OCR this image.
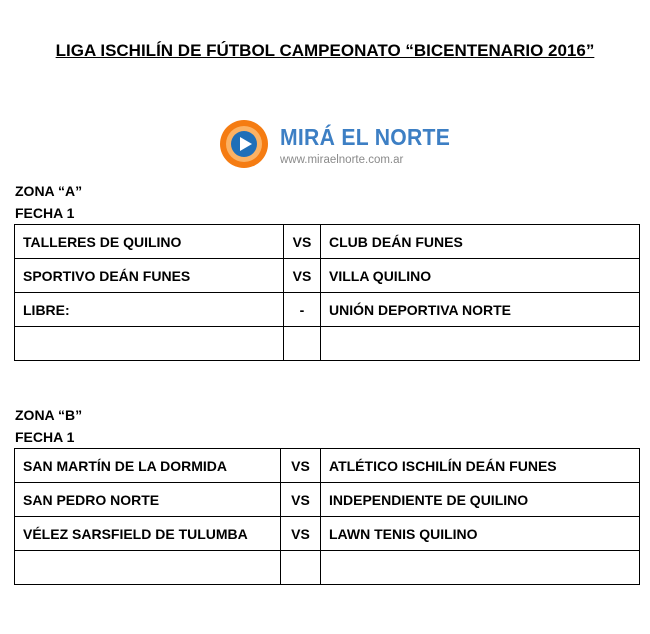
LIGA ISCHILÍN DE FÚTBOL CAMPEONATO “BICENTENARIO 2016”
MIRÁ EL NORTE
www.miraelnorte.com.ar
ZONA “A”
FECHA 1
TALLERES DE QUILINO	VS	CLUB DEÁN FUNES
SPORTIVO DEÁN FUNES	VS	VILLA QUILINO
LIBRE:	-	UNIÓN DEPORTIVA NORTE

ZONA “B”
FECHA 1
SAN MARTÍN DE LA DORMIDA	VS	ATLÉTICO ISCHILÍN DEÁN FUNES
SAN PEDRO NORTE	VS	INDEPENDIENTE DE QUILINO
VÉLEZ SARSFIELD DE TULUMBA	VS	LAWN TENIS QUILINO
